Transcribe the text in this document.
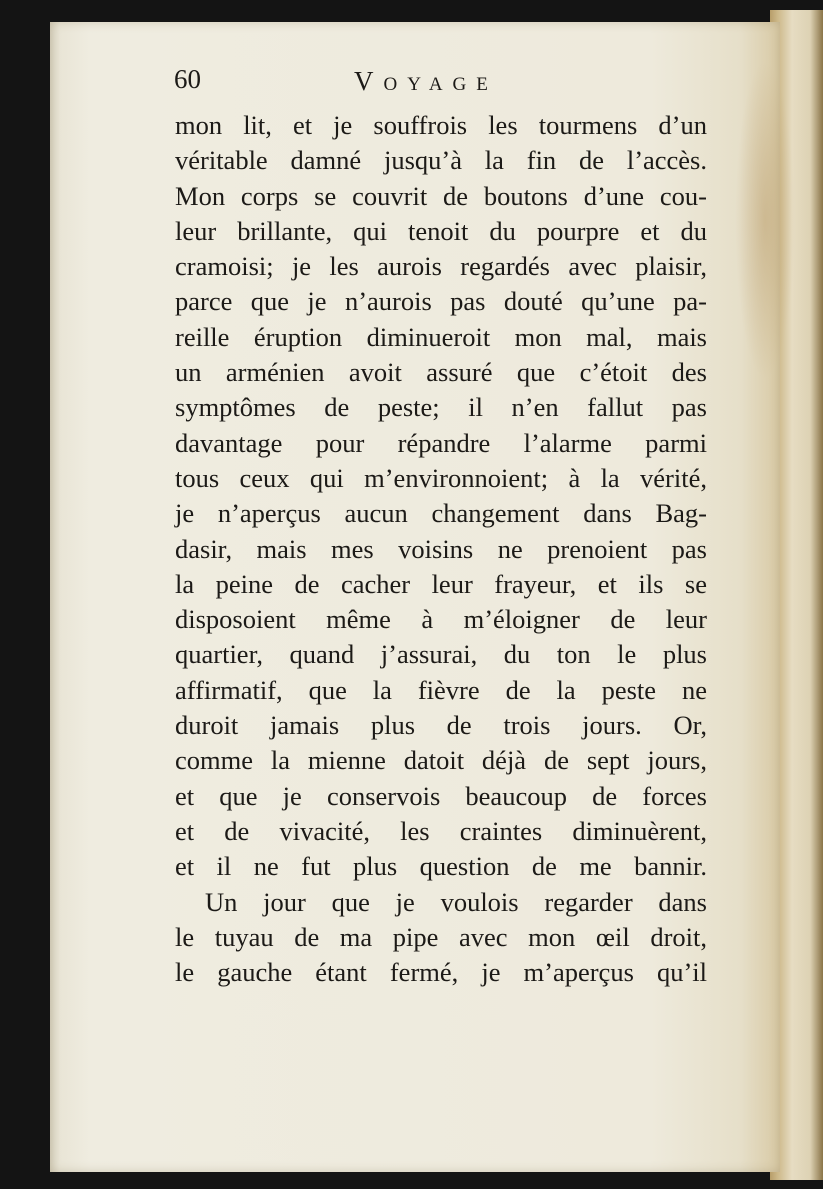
60	Voyage
mon lit, et je souffrois les tourmens d’un
véritable damné jusqu’à la fin de l’accès.
Mon corps se couvrit de boutons d’une cou-
leur brillante, qui tenoit du pourpre et du
cramoisi; je les aurois regardés avec plaisir,
parce que je n’aurois pas douté qu’une pa-
reille éruption diminueroit mon mal, mais
un arménien avoit assuré que c’étoit des
symptômes de peste; il n’en fallut pas
davantage pour répandre l’alarme parmi
tous ceux qui m’environnoient; à la vérité,
je n’aperçus aucun changement dans Bag-
dasir, mais mes voisins ne prenoient pas
la peine de cacher leur frayeur, et ils se
disposoient même à m’éloigner de leur
quartier, quand j’assurai, du ton le plus
affirmatif, que la fièvre de la peste ne
duroit jamais plus de trois jours. Or,
comme la mienne datoit déjà de sept jours,
et que je conservois beaucoup de forces
et de vivacité, les craintes diminuèrent,
et il ne fut plus question de me bannir.
Un jour que je voulois regarder dans
le tuyau de ma pipe avec mon œil droit,
le gauche étant fermé, je m’aperçus qu’il
